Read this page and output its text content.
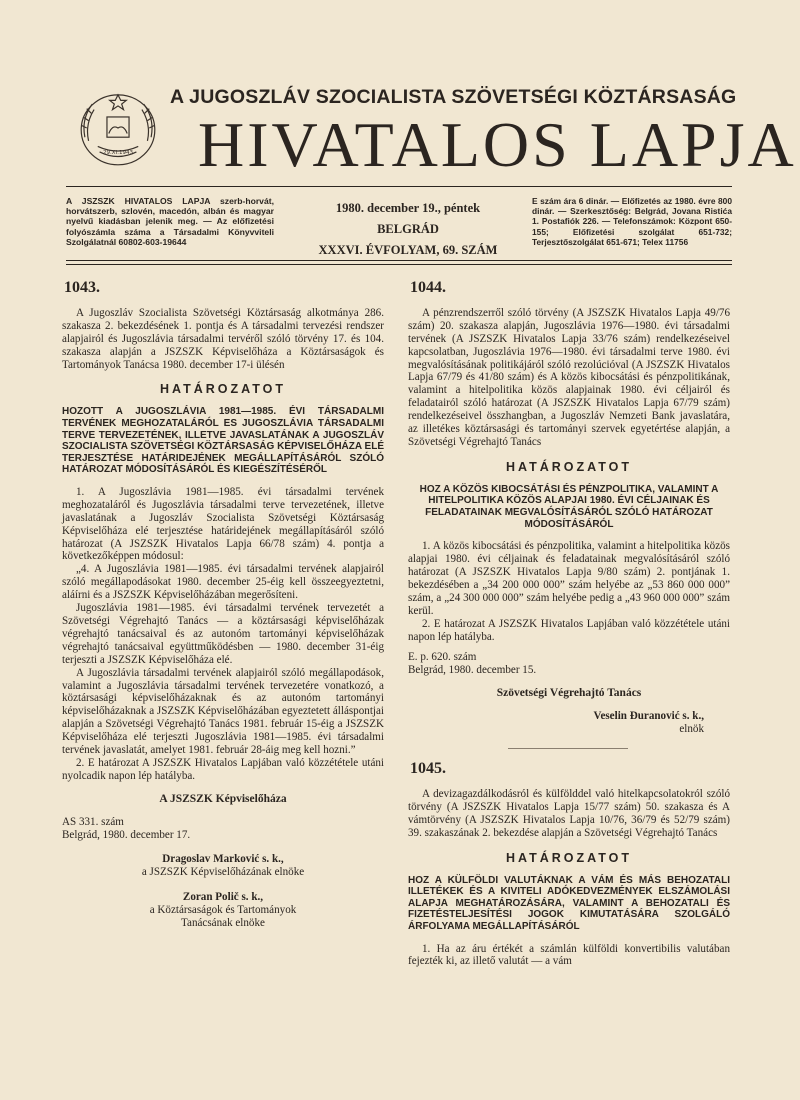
29.XI.1943
A JUGOSZLÁV SZOCIALISTA SZÖVETSÉGI KÖZTÁRSASÁG
HIVATALOS LAPJA
A JSZSZK HIVATALOS LAPJA szerb-horvát, horvátszerb, szlovén, macedón, albán és magyar nyelvű kiadásban jelenik meg. — Az előfizetési folyószámla száma a Társadalmi Könyvviteli Szolgálatnál 60802-603-19644
1980. december 19., péntek
BELGRÁD
XXXVI. ÉVFOLYAM, 69. SZÁM
E szám ára 6 dinár. — Előfizetés az 1980. évre 800 dinár. — Szerkesztőség: Belgrád, Jovana Ristića 1. Postafiók 226. — Telefonszámok: Központ 650-155; Előfizetési szolgálat 651-732; Terjesztőszolgálat 651-671; Telex 11756
1043.

A Jugoszláv Szocialista Szövetségi Köztársaság alkotmánya 286. szakasza 2. bekezdésének 1. pontja és A társadalmi tervezési rendszer alapjairól és Jugoszlávia társadalmi tervéről szóló törvény 17. és 104. szakasza alapján a JSZSZK Képviselőháza a Köztársaságok és Tartományok Tanácsa 1980. december 17-i ülésén

HATÁROZATOT
HOZOTT A JUGOSZLÁVIA 1981—1985. ÉVI TÁRSADALMI TERVÉNEK MEGHOZATALÁRÓL ES JUGOSZLÁVIA TÁRSADALMI TERVE TERVEZETÉNEK, ILLETVE JAVASLATÁNAK A JUGOSZLÁV SZOCIALISTA SZÖVETSÉGI KÖZTÁRSASÁG KÉPVISELŐHÁZA ELÉ TERJESZTÉSE HATÁRIDEJÉNEK MEGÁLLAPÍTÁSÁRÓL SZÓLÓ HATÁROZAT MÓDOSÍTÁSÁRÓL ÉS KIEGÉSZÍTÉSÉRŐL

1. A Jugoszlávia 1981—1985. évi társadalmi tervének meghozataláról és Jugoszlávia társadalmi terve tervezetének, illetve javaslatának a Jugoszláv Szocialista Szövetségi Köztársaság Képviselőháza elé terjesztése határidejének megállapításáról szóló határozat (A JSZSZK Hivatalos Lapja 66/78 szám) 4. pontja a következőképpen módosul:

„4. A Jugoszlávia 1981—1985. évi társadalmi tervének alapjairól szóló megállapodásokat 1980. december 25-éig kell összeegyeztetni, aláírni és a JSZSZK Képviselőházában megerősíteni.

Jugoszlávia 1981—1985. évi társadalmi tervének tervezetét a Szövetségi Végrehajtó Tanács — a köztársasági képviselőházak végrehajtó tanácsaival és az autonóm tartományi képviselőházak végrehajtó tanácsaival együttműködésben — 1980. december 31-éig terjeszti a JSZSZK Képviselőháza elé.

A Jugoszlávia társadalmi tervének alapjairól szóló megállapodások, valamint a Jugoszlávia társadalmi tervének tervezetére vonatkozó, a köztársasági képviselőházaknak és az autonóm tartományi képviselőházaknak a JSZSZK Képviselőházában egyeztetett álláspontjai alapján a Szövetségi Végrehajtó Tanács 1981. február 15-éig a JSZSZK Képviselőháza elé terjeszti Jugoszlávia 1981—1985. évi társadalmi tervének javaslatát, amelyet 1981. február 28-áig meg kell hozni.”

2. E határozat A JSZSZK Hivatalos Lapjában való közzététele utáni nyolcadik napon lép hatályba.

A JSZSZK Képviselőháza

AS 331. szám

Belgrád, 1980. december 17.

Dragoslav Marković s. k.,
a JSZSZK Képviselőházának elnöke
Zoran Polič s. k.,
a Köztársaságok és Tartományok
Tanácsának elnöke
1044.

A pénzrendszerről szóló törvény (A JSZSZK Hivatalos Lapja 49/76 szám) 20. szakasza alapján, Jugoszlávia 1976—1980. évi társadalmi tervének (A JSZSZK Hivatalos Lapja 33/76 szám) rendelkezéseivel kapcsolatban, Jugoszlávia 1976—1980. évi társadalmi terve 1980. évi megvalósításának politikájáról szóló rezolúcióval (A JSZSZK Hivatalos Lapja 67/79 és 41/80 szám) és A közös kibocsátási és pénzpolitikának, valamint a hitelpolitika közös alapjainak 1980. évi céljairól és feladatairól szóló határozat (A JSZSZK Hivatalos Lapja 67/79 szám) rendelkezéseivel összhangban, a Jugoszláv Nemzeti Bank javaslatára, az illetékes köztársasági és tartományi szervek egyetértése alapján, a Szövetségi Végrehajtó Tanács

HATÁROZATOT
HOZ A KÖZÖS KIBOCSÁTÁSI ÉS PÉNZPOLITIKA, VALAMINT A HITELPOLITIKA KÖZÖS ALAPJAI 1980. ÉVI CÉLJAINAK ÉS FELADATAINAK MEGVALÓSÍTÁSÁRÓL SZÓLÓ HATÁROZAT MÓDOSÍTÁSÁRÓL

1. A közös kibocsátási és pénzpolitika, valamint a hitelpolitika közös alapjai 1980. évi céljainak és feladatainak megvalósításáról szóló határozat (A JSZSZK Hivatalos Lapja 9/80 szám) 2. pontjának 1. bekezdésében a „34 200 000 000” szám helyébe az „53 860 000 000” szám, a „24 300 000 000” szám helyébe pedig a „43 960 000 000” szám kerül.

2. E határozat A JSZSZK Hivatalos Lapjában való közzététele utáni napon lép hatályba.

E. p. 620. szám

Belgrád, 1980. december 15.

Szövetségi Végrehajtó Tanács
Veselin Đuranović s. k.,
elnök
1045.

A devizagazdálkodásról és külfölddel való hitelkapcsolatokról szóló törvény (A JSZSZK Hivatalos Lapja 15/77 szám) 50. szakasza és A vámtörvény (A JSZSZK Hivatalos Lapja 10/76, 36/79 és 52/79 szám) 39. szakaszának 2. bekezdése alapján a Szövetségi Végrehajtó Tanács

HATÁROZATOT
HOZ A KÜLFÖLDI VALUTÁKNAK A VÁM ÉS MÁS BEHOZATALI ILLETÉKEK ÉS A KIVITELI ADÓKEDVEZMÉNYEK ELSZÁMOLÁSI ALAPJA MEGHATÁROZÁSÁRA, VALAMINT A BEHOZATALI ÉS FIZETÉSTELJESÍTÉSI JOGOK KIMUTATÁSÁRA SZOLGÁLÓ ÁRFOLYAMA MEGÁLLAPÍTÁSÁRÓL

1. Ha az áru értékét a számlán külföldi konvertibilis valutában fejezték ki, az illető valutát — a vám
